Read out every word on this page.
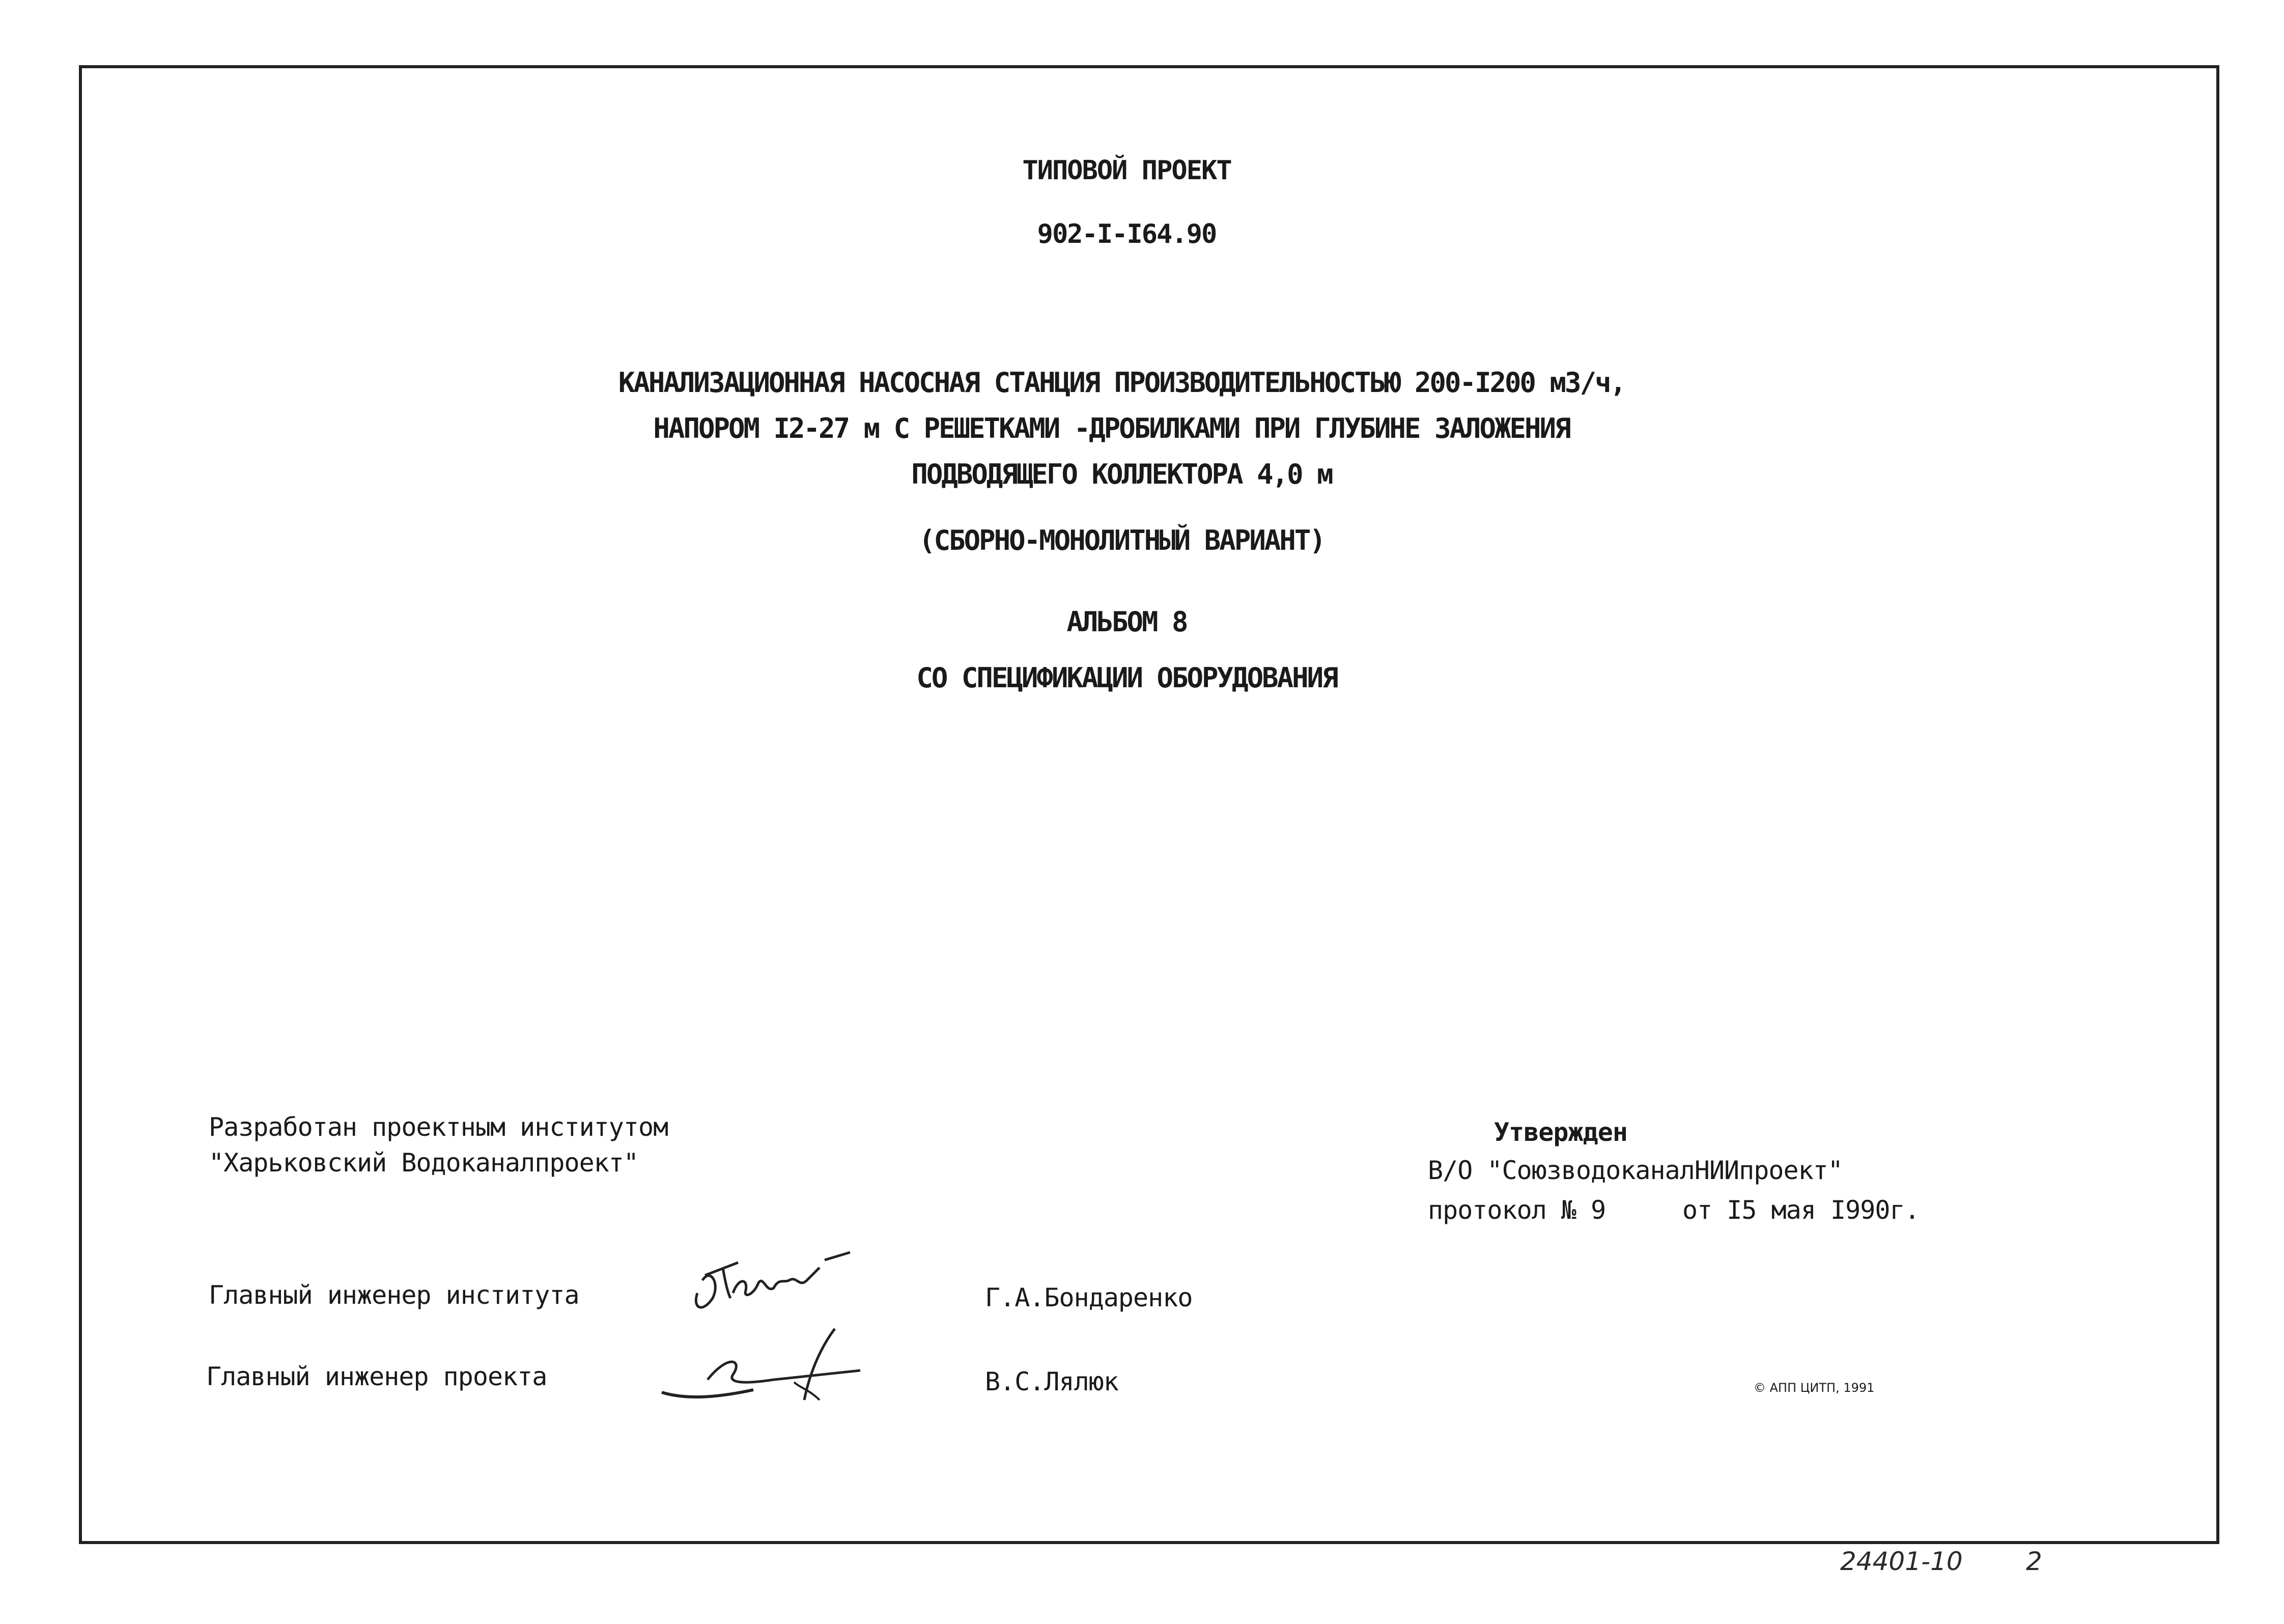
ТИПОВОЙ ПРОЕКТ
902-I-I64.90
КАНАЛИЗАЦИОННАЯ НАСОСНАЯ СТАНЦИЯ ПРОИЗВОДИТЕЛЬНОСТЬЮ 200-I200 м3/ч,
НАПОРОМ I2-27 м С РЕШЕТКАМИ -ДРОБИЛКАМИ ПРИ ГЛУБИНЕ ЗАЛОЖЕНИЯ
ПОДВОДЯЩЕГО КОЛЛЕКТОРА 4,0 м
(СБОРНО-МОНОЛИТНЫЙ ВАРИАНТ)
АЛЬБОМ 8
СО СПЕЦИФИКАЦИИ ОБОРУДОВАНИЯ
Разработан проектным институтом
"Харьковский Водоканалпроект"
Утвержден
В/О "СоюзводоканалНИИпроект"
протокол № 9	от I5 мая I990г.
Главный инженер института	Г.А.Бондаренко
Главный инженер проекта	В.С.Лялюк	© АПП ЦИТП, 1991
24401-10 2
